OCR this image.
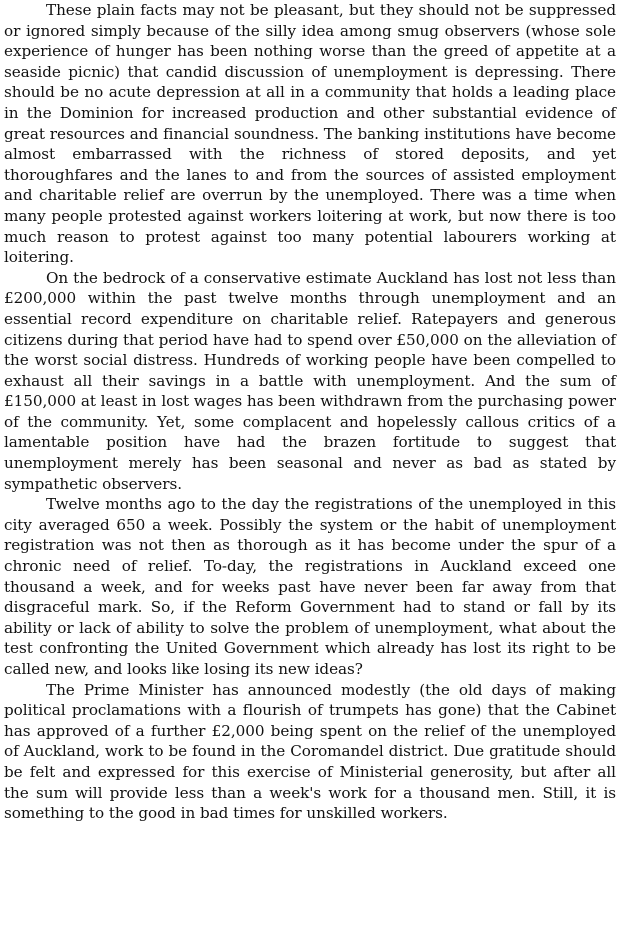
These plain facts may not be pleasant, but they should not be suppressed or ignored simply because of the silly idea among smug observers (whose sole experience of hunger has been nothing worse than the greed of appetite at a seaside picnic) that candid discussion of unemployment is depressing. There should be no acute depression at all in a community that holds a leading place in the Dominion for increased production and other substantial evidence of great resources and financial soundness. The banking institutions have become almost embarrassed with the richness of stored deposits, and yet thoroughfares and the lanes to and from the sources of assisted employment and charitable relief are overrun by the unemployed. There was a time when many people protested against workers loitering at work, but now there is too much reason to protest against too many potential labourers working at loitering.

On the bedrock of a conservative estimate Auckland has lost not less than £200,000 within the past twelve months through unemployment and an essential record expenditure on charitable relief. Ratepayers and generous citizens during that period have had to spend over £50,000 on the alleviation of the worst social distress. Hundreds of working people have been compelled to exhaust all their savings in a battle with unemployment. And the sum of £150,000 at least in lost wages has been withdrawn from the purchasing power of the community. Yet, some complacent and hopelessly callous critics of a lamentable position have had the brazen fortitude to suggest that unemployment merely has been seasonal and never as bad as stated by sympathetic observers.

Twelve months ago to the day the registrations of the unemployed in this city averaged 650 a week. Possibly the system or the habit of unemployment registration was not then as thorough as it has become under the spur of a chronic need of relief. To-day, the registrations in Auckland exceed one thousand a week, and for weeks past have never been far away from that disgraceful mark. So, if the Reform Government had to stand or fall by its ability or lack of ability to solve the problem of unemployment, what about the test confronting the United Government which already has lost its right to be called new, and looks like losing its new ideas?

The Prime Minister has announced modestly (the old days of making political proclamations with a flourish of trumpets has gone) that the Cabinet has approved of a further £2,000 being spent on the relief of the unemployed of Auckland, work to be found in the Coromandel district. Due gratitude should be felt and expressed for this exercise of Ministerial generosity, but after all the sum will provide less than a week's work for a thousand men. Still, it is something to the good in bad times for unskilled workers.
